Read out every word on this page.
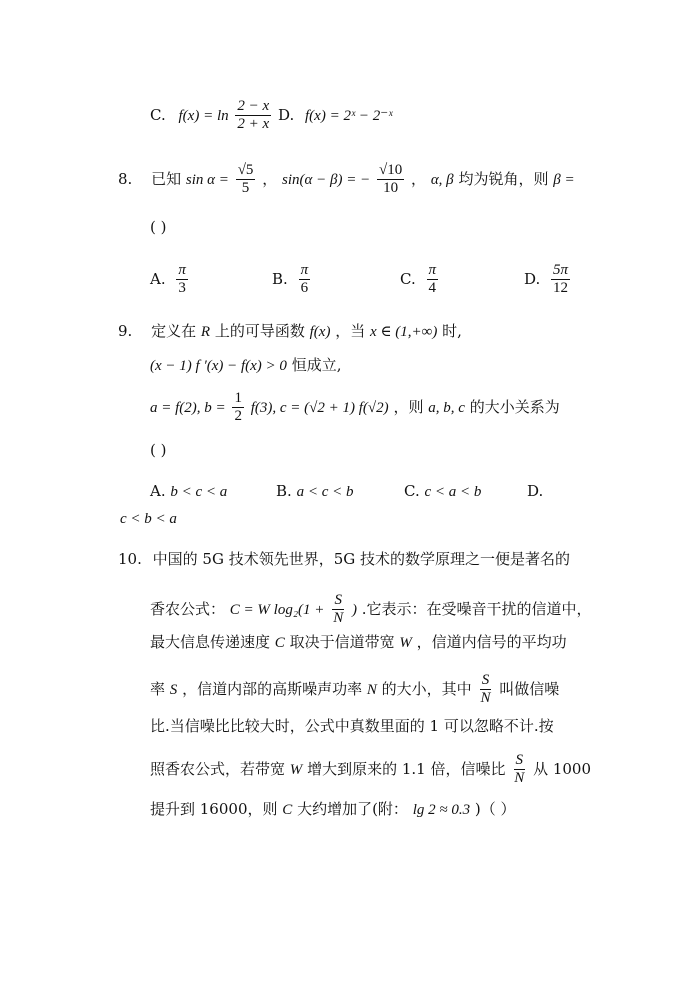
C. $f(x) = \ln \frac{2 - x}{2 + x} D$. f(x) = 2ˣ − 2⁻ˣ
8. 已知 $\sin \alpha = \frac{√5}{5}$ ， sin(α − β) = − $\frac{√10}{10}$ ， α, β 均为锐角，则 β =
( )
A. $\frac{\pi}{3}$	B. $\frac{\pi}{6}$	C. $\frac{\pi}{4}$	D. $\frac{5\pi}{12}$
9. 定义在 R 上的可导函数 f(x) ，当 x ∈ (1,+∞) 时,
(x − 1) f ′(x) − f(x) > 0 恒成立,
a = f(2), $b = \frac{1}{2} f(3)$, c = (√2 + 1) f(√2) ，则 a, b, c 的大小关系为
( )
A. b < c < a	B. a < c < b	C. c < a < b	D.
c < b < a
10. 中国的 5G 技术领先世界，5G 技术的数学原理之一便是著名的
香农公式： C = W $\log_2(1 + \frac{S}{N}$ ) .它表示：在受噪音干扰的信道中，
最大信息传递速度 C 取决于信道带宽 W ，信道内信号的平均功
率 S ，信道内部的高斯噪声功率 N 的大小，其中 $\frac{S}{N}$ 叫做信噪
比.当信噪比比较大时，公式中真数里面的 1 可以忽略不计.按
照香农公式，若带宽 W 增大到原来的 1.1 倍，信噪比 $\frac{S}{N}$ 从 1000
提升到 16000，则 C 大约增加了(附： lg 2 ≈ 0.3 )（ ）
